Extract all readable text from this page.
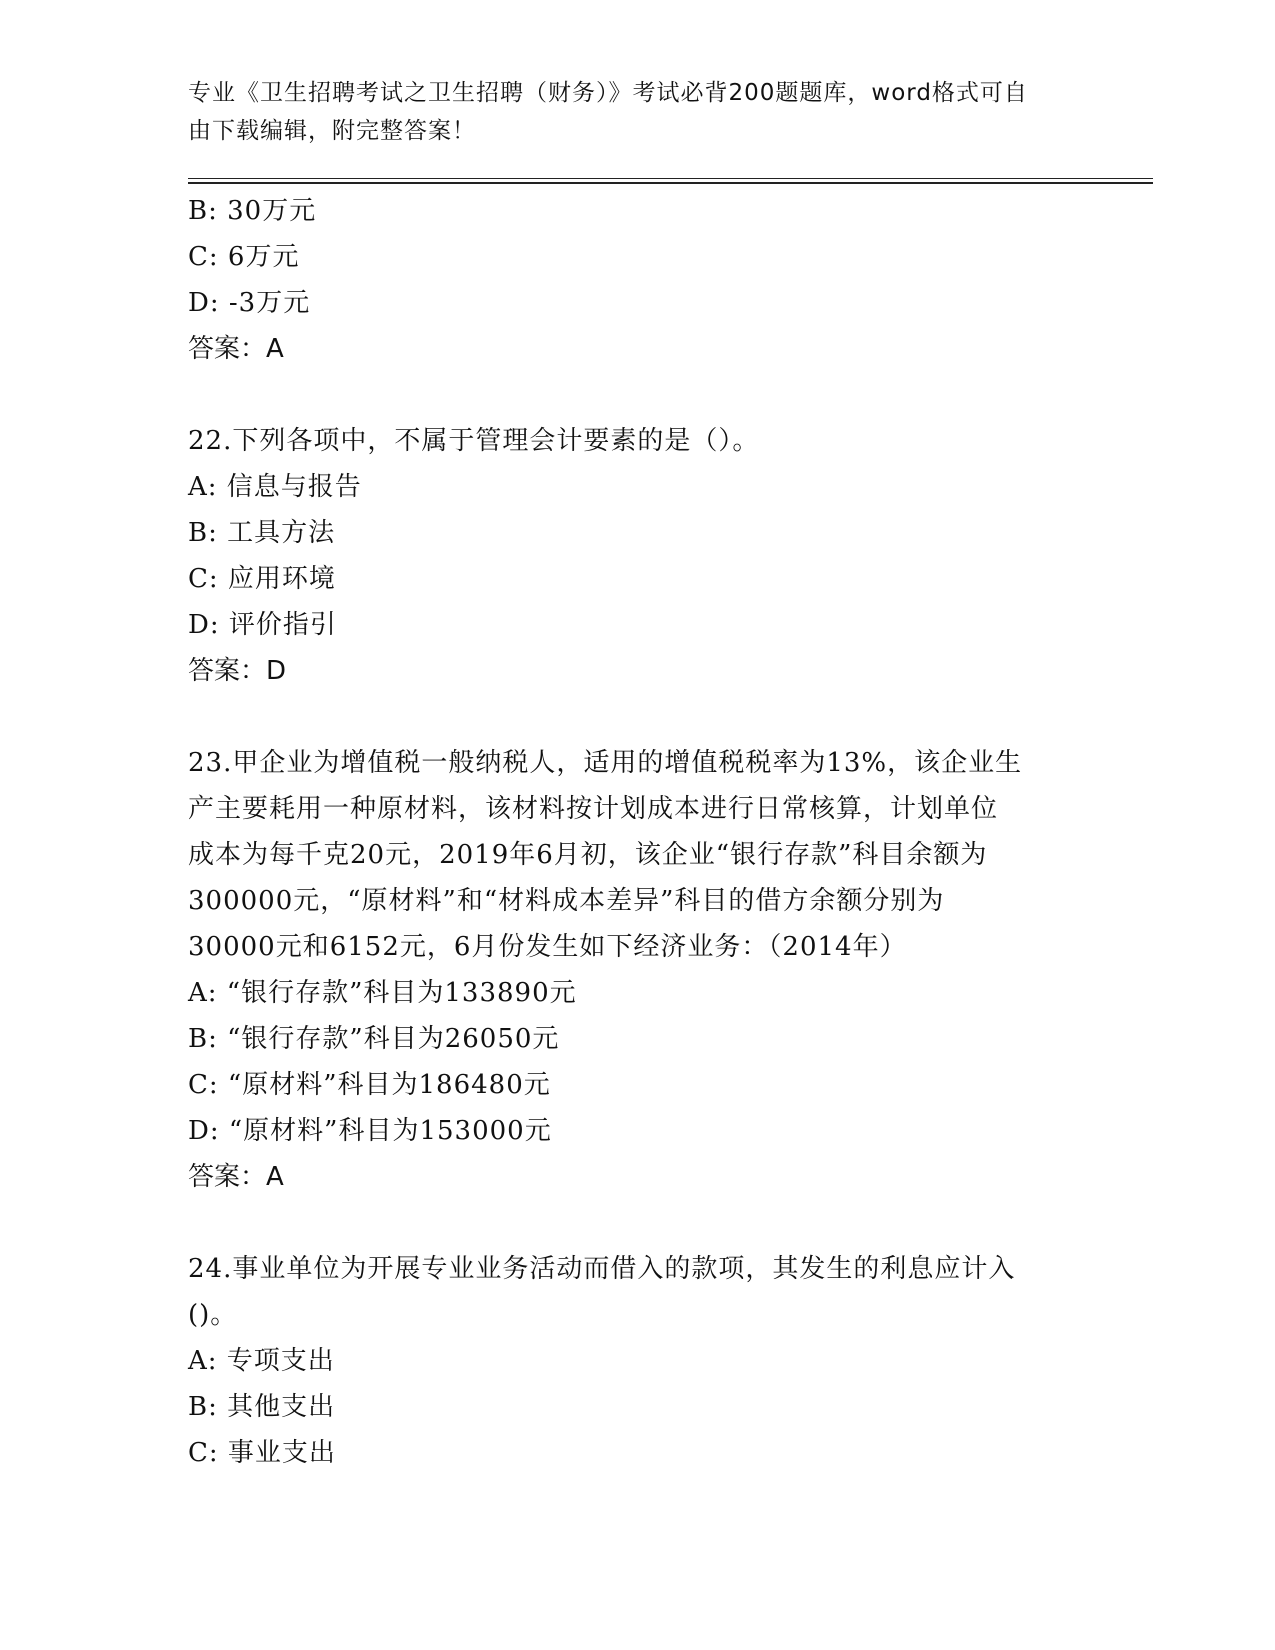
专业《卫生招聘考试之卫生招聘（财务）》考试必背200题题库，word格式可自
由下载编辑，附完整答案！
B: 30万元
C: 6万元
D: -3万元
答案：A
22.下列各项中，不属于管理会计要素的是（）。
A: 信息与报告
B: 工具方法
C: 应用环境
D: 评价指引
答案：D
23.甲企业为增值税一般纳税人，适用的增值税税率为13%，该企业生
产主要耗用一种原材料，该材料按计划成本进行日常核算，计划单位
成本为每千克20元，2019年6月初，该企业“银行存款”科目余额为
300000元，“原材料”和“材料成本差异”科目的借方余额分别为
30000元和6152元，6月份发生如下经济业务：（2014年）
A: “银行存款”科目为133890元
B: “银行存款”科目为26050元
C: “原材料”科目为186480元
D: “原材料”科目为153000元
答案：A
24.事业单位为开展专业业务活动而借入的款项，其发生的利息应计入
()。
A: 专项支出
B: 其他支出
C: 事业支出
